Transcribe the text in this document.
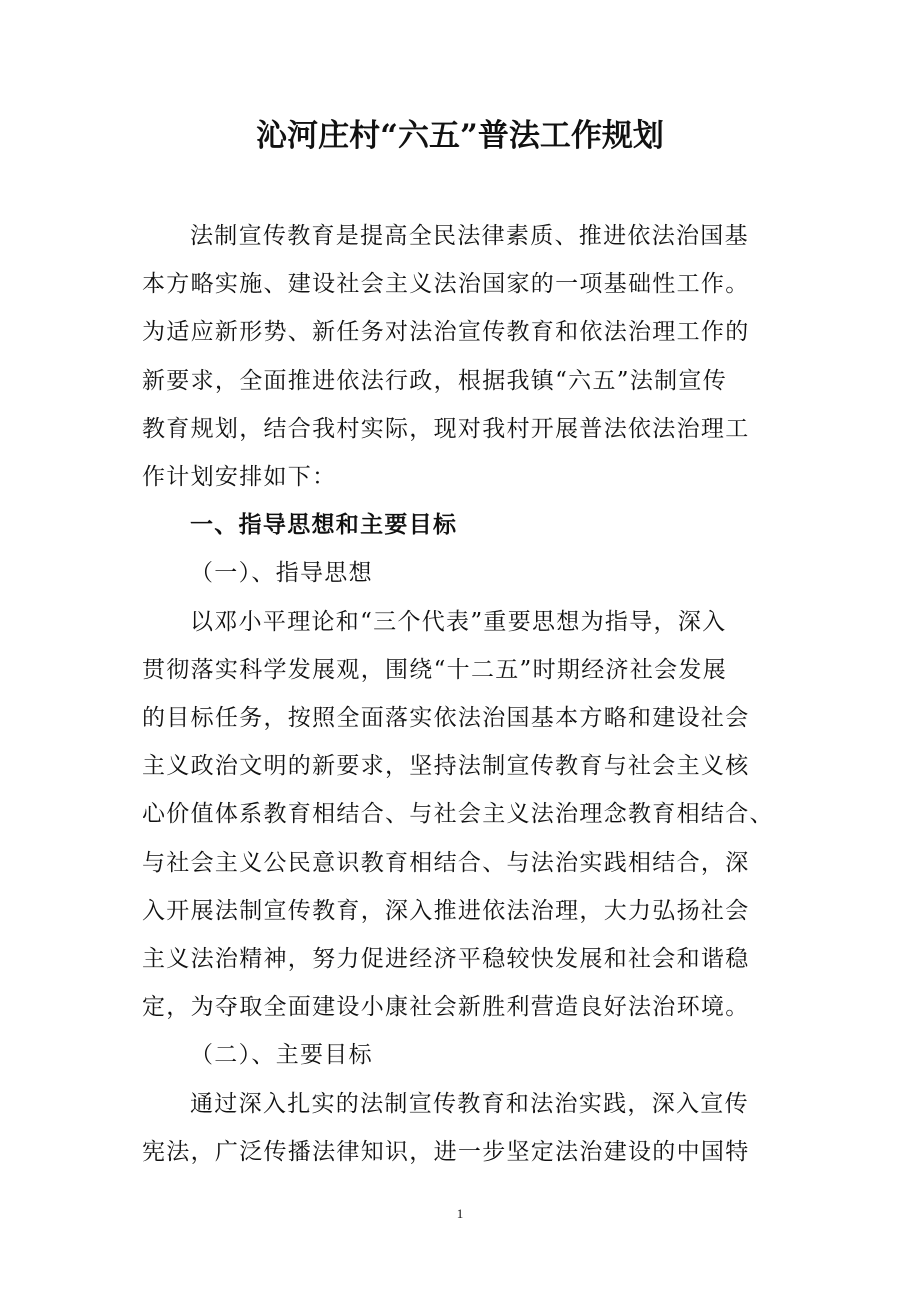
沁河庄村“六五”普法工作规划
法制宣传教育是提高全民法律素质、推进依法治国基
本方略实施、建设社会主义法治国家的一项基础性工作。
为适应新形势、新任务对法治宣传教育和依法治理工作的
新要求，全面推进依法行政，根据我镇“六五”法制宣传
教育规划，结合我村实际，现对我村开展普法依法治理工
作计划安排如下：
一、指导思想和主要目标
（一）、指导思想
以邓小平理论和“三个代表”重要思想为指导，深入
贯彻落实科学发展观，围绕“十二五”时期经济社会发展
的目标任务，按照全面落实依法治国基本方略和建设社会
主义政治文明的新要求，坚持法制宣传教育与社会主义核
心价值体系教育相结合、与社会主义法治理念教育相结合、
与社会主义公民意识教育相结合、与法治实践相结合，深
入开展法制宣传教育，深入推进依法治理，大力弘扬社会
主义法治精神，努力促进经济平稳较快发展和社会和谐稳
定，为夺取全面建设小康社会新胜利营造良好法治环境。
（二）、主要目标
通过深入扎实的法制宣传教育和法治实践，深入宣传
宪法，广泛传播法律知识，进一步坚定法治建设的中国特
1
